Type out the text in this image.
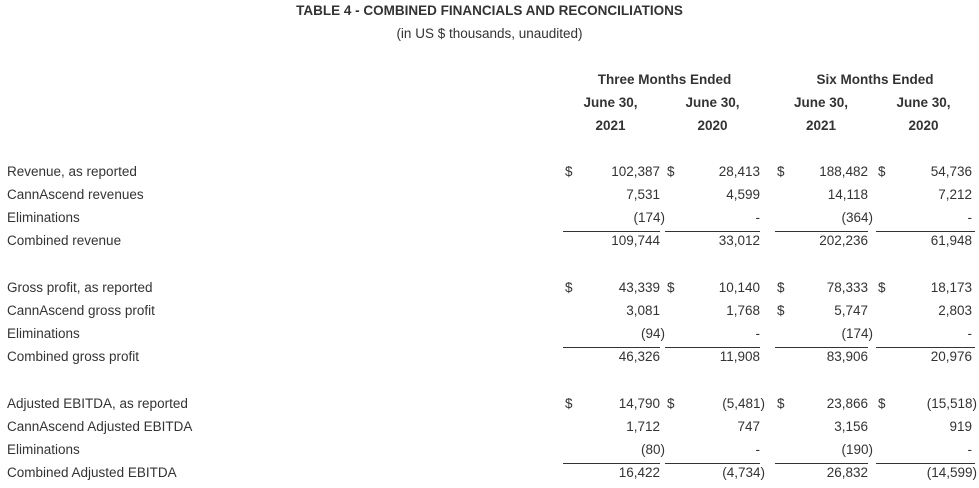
TABLE 4 - COMBINED FINANCIALS AND RECONCILIATIONS
(in US $ thousands, unaudited)
Three Months Ended	Six Months Ended
June 30,	June 30,	June 30,	June 30,
2021	2020	2021	2020
Revenue, as reported	$	102,387 $	28,413 $	188,482 $	54,736
CannAscend revenues	7,531	4,599	14,118	7,212
Eliminations	(174)	-	(364)	-
Combined revenue	109,744	33,012	202,236	61,948
Gross profit, as reported	$	43,339 $	10,140 $	78,333 $	18,173
CannAscend gross profit	3,081	1,768 $	5,747	2,803
Eliminations	(94)	-	(174)	-
Combined gross profit	46,326	11,908	83,906	20,976
Adjusted EBITDA, as reported	$	14,790 $	(5,481) $	23,866 $	(15,518)
CannAscend Adjusted EBITDA	1,712	747	3,156	919
Eliminations	(80)	-	(190)	-
Combined Adjusted EBITDA	16,422	(4,734)	26,832	(14,599)
